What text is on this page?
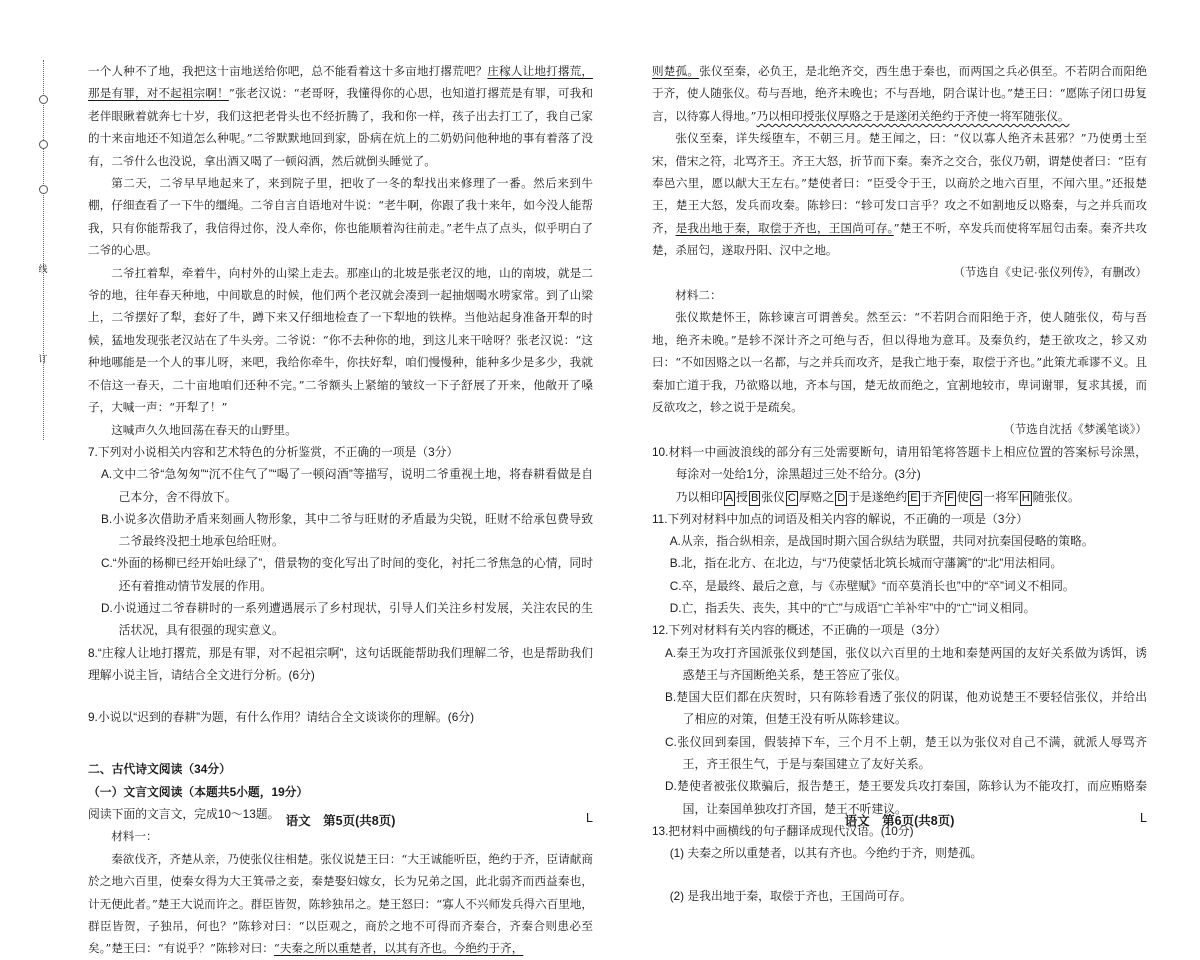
线
订

一个人种不了地，我把这十亩地送给你吧，总不能看着这十多亩地打撂荒吧？庄稼人让地打撂荒，那是有罪，对不起祖宗啊！”张老汉说：“老哥呀，我懂得你的心思，也知道打撂荒是有罪，可我和老伴眼瞅着就奔七十岁，我们这把老骨头也不经折腾了，我和你一样，孩子出去打工了，我自己家的十来亩地还不知道怎么种呢。”二爷默默地回到家，卧病在炕上的二奶奶问他种地的事有着落了没有，二爷什么也没说，拿出酒又喝了一顿闷酒，然后就倒头睡觉了。

第二天，二爷早早地起来了，来到院子里，把收了一冬的犁找出来修理了一番。然后来到牛棚，仔细查看了一下牛的缰绳。二爷自言自语地对牛说：“老牛啊，你跟了我十来年，如今没人能帮我，只有你能帮我了，我信得过你，没人牵你，你也能顺着沟往前走。”老牛点了点头，似乎明白了二爷的心思。

二爷扛着犁，牵着牛，向村外的山梁上走去。那座山的北坡是张老汉的地，山的南坡，就是二爷的地，往年春天种地，中间歇息的时候，他们两个老汉就会凑到一起抽烟喝水唠家常。到了山梁上，二爷摆好了犁，套好了牛，蹲下来又仔细地检查了一下犁地的铁桦。当他站起身准备开犁的时候，猛地发现张老汉站在了牛头旁。二爷说：“你不去种你的地，到这儿来干啥呀？张老汉说：“这种地哪能是一个人的事儿呀，来吧，我给你牵牛，你扶好犁，咱们慢慢种，能种多少是多少，我就不信这一春天，二十亩地咱们还种不完。”二爷额头上紧缩的皱纹一下子舒展了开来，他敞开了嗓子，大喊一声：“开犁了！”

这喊声久久地回荡在春天的山野里。

7.下列对小说相关内容和艺术特色的分析鉴赏，不正确的一项是（3分）

A.文中二爷“急匆匆”“沉不住气了”“喝了一顿闷酒”等描写，说明二爷重视土地，将春耕看做是自己本分，舍不得放下。

B.小说多次借助矛盾来刻画人物形象，其中二爷与旺财的矛盾最为尖锐，旺财不给承包费导致二爷最终没把土地承包给旺财。

C.“外面的杨柳已经开始吐绿了”，借景物的变化写出了时间的变化，衬托二爷焦急的心情，同时还有着推动情节发展的作用。

D.小说通过二爷春耕时的一系列遭遇展示了乡村现状，引导人们关注乡村发展，关注农民的生活状况，具有很强的现实意义。

8.“庄稼人让地打撂荒，那是有罪，对不起祖宗啊”，这句话既能帮助我们理解二爷，也是帮助我们理解小说主旨，请结合全文进行分析。(6分)

9.小说以“迟到的春耕”为题，有什么作用？请结合全文谈谈你的理解。(6分)

二、古代诗文阅读（34分）

（一）文言文阅读（本题共5小题，19分）

阅读下面的文言文，完成10～13题。

材料一：

秦欲伐齐，齐楚从亲，乃使张仪往相楚。张仪说楚王曰：“大王诚能听臣，绝约于齐，臣请献商於之地六百里，使秦女得为大王箕帚之妾，秦楚娶妇嫁女，长为兄弟之国，此北弱齐而西益秦也，计无便此者。”楚王大说而许之。群臣皆贺，陈轸独吊之。楚王怒曰：“寡人不兴师发兵得六百里地，群臣皆贺，子独吊，何也？”陈轸对曰：“以臣观之，商於之地不可得而齐秦合，齐秦合则患必至矣。”楚王曰：“有说乎？”陈轸对曰：“夫秦之所以重楚者，以其有齐也。今绝约于齐，

语文　第5页(共8页)	L

则楚孤。张仪至秦，必负王，是北绝齐交，西生患于秦也，而两国之兵必俱至。不若阴合而阳绝于齐，使人随张仪。苟与吾地，绝齐未晚也；不与吾地，阴合谋计也。”楚王曰：“愿陈子闭口毋复言，以待寡人得地。”乃以相印授张仪厚赂之于是遂闭关绝约于齐使一将军随张仪。

张仪至秦，详失绥堕车，不朝三月。楚王闻之，曰：“仪以寡人绝齐未甚邪？”乃使勇士至宋，借宋之符，北骂齐王。齐王大怒，折节而下秦。秦齐之交合，张仪乃朝，谓楚使者曰：“臣有奉邑六里，愿以献大王左右。”楚使者曰：“臣受令于王，以商於之地六百里，不闻六里。”还报楚王，楚王大怒，发兵而攻秦。陈轸曰：“轸可发口言乎？攻之不如割地反以赂秦，与之并兵而攻齐，是我出地于秦，取偿于齐也，王国尚可存。”楚王不听，卒发兵而使将军屈匄击秦。秦齐共攻楚，杀屈匄，遂取丹阳、汉中之地。

（节选自《史记·张仪列传》，有删改）

材料二：

张仪欺楚怀王，陈轸谏言可谓善矣。然至云：“不若阴合而阳绝于齐，使人随张仪，苟与吾地，绝齐未晚。”是轸不深计齐之可绝与否，但以得地为意耳。及秦负约，楚王欲攻之，轸又劝曰：“不如因赂之以一名都，与之并兵而攻齐，是我亡地于秦，取偿于齐也。”此策尤乖谬不义。且秦加亡道于我，乃欲赂以地，齐本与国，楚无故而绝之，宜割地较市，卑词谢罪，复求其援，而反欲攻之，轸之说于是疏矣。

（节选自沈括《梦溪笔谈》）

10.材料一中画波浪线的部分有三处需要断句，请用铅笔将答题卡上相应位置的答案标号涂黑，每涂对一处给1分，涂黑超过三处不给分。(3分)

乃以相印 A 授 B 张仪 C 厚赂之 D 于是遂绝约 E 于齐 F 使 G 一将军 H 随张仪。

11.下列对材料中加点的词语及相关内容的解说，不正确的一项是（3分）

A.从亲，指合纵相亲，是战国时期六国合纵结为联盟，共同对抗秦国侵略的策略。

B.北，指在北方、在北边，与“乃使蒙恬北筑长城而守藩篱”的“北”用法相同。

C.卒，是最终、最后之意，与《赤壁赋》“而卒莫消长也”中的“卒”词义不相同。

D.亡，指丢失、丧失，其中的“亡”与成语“亡羊补牢”中的“亡”词义相同。

12.下列对材料有关内容的概述，不正确的一项是（3分）

A.秦王为攻打齐国派张仪到楚国，张仪以六百里的土地和秦楚两国的友好关系做为诱饵，诱惑楚王与齐国断绝关系，楚王答应了张仪。

B.楚国大臣们都在庆贺时，只有陈轸看透了张仪的阴谋，他劝说楚王不要轻信张仪，并给出了相应的对策，但楚王没有听从陈轸建议。

C.张仪回到秦国，假装掉下车，三个月不上朝，楚王以为张仪对自己不满，就派人辱骂齐王，齐王很生气，于是与秦国建立了友好关系。

D.楚使者被张仪欺骗后，报告楚王，楚王要发兵攻打秦国，陈轸认为不能攻打，而应贿赂秦国，让秦国单独攻打齐国，楚王不听建议。

13.把材料中画横线的句子翻译成现代汉语。(10分)

(1) 夫秦之所以重楚者，以其有齐也。今绝约于齐，则楚孤。

(2) 是我出地于秦，取偿于齐也，王国尚可存。

语文　第6页(共8页)	L
